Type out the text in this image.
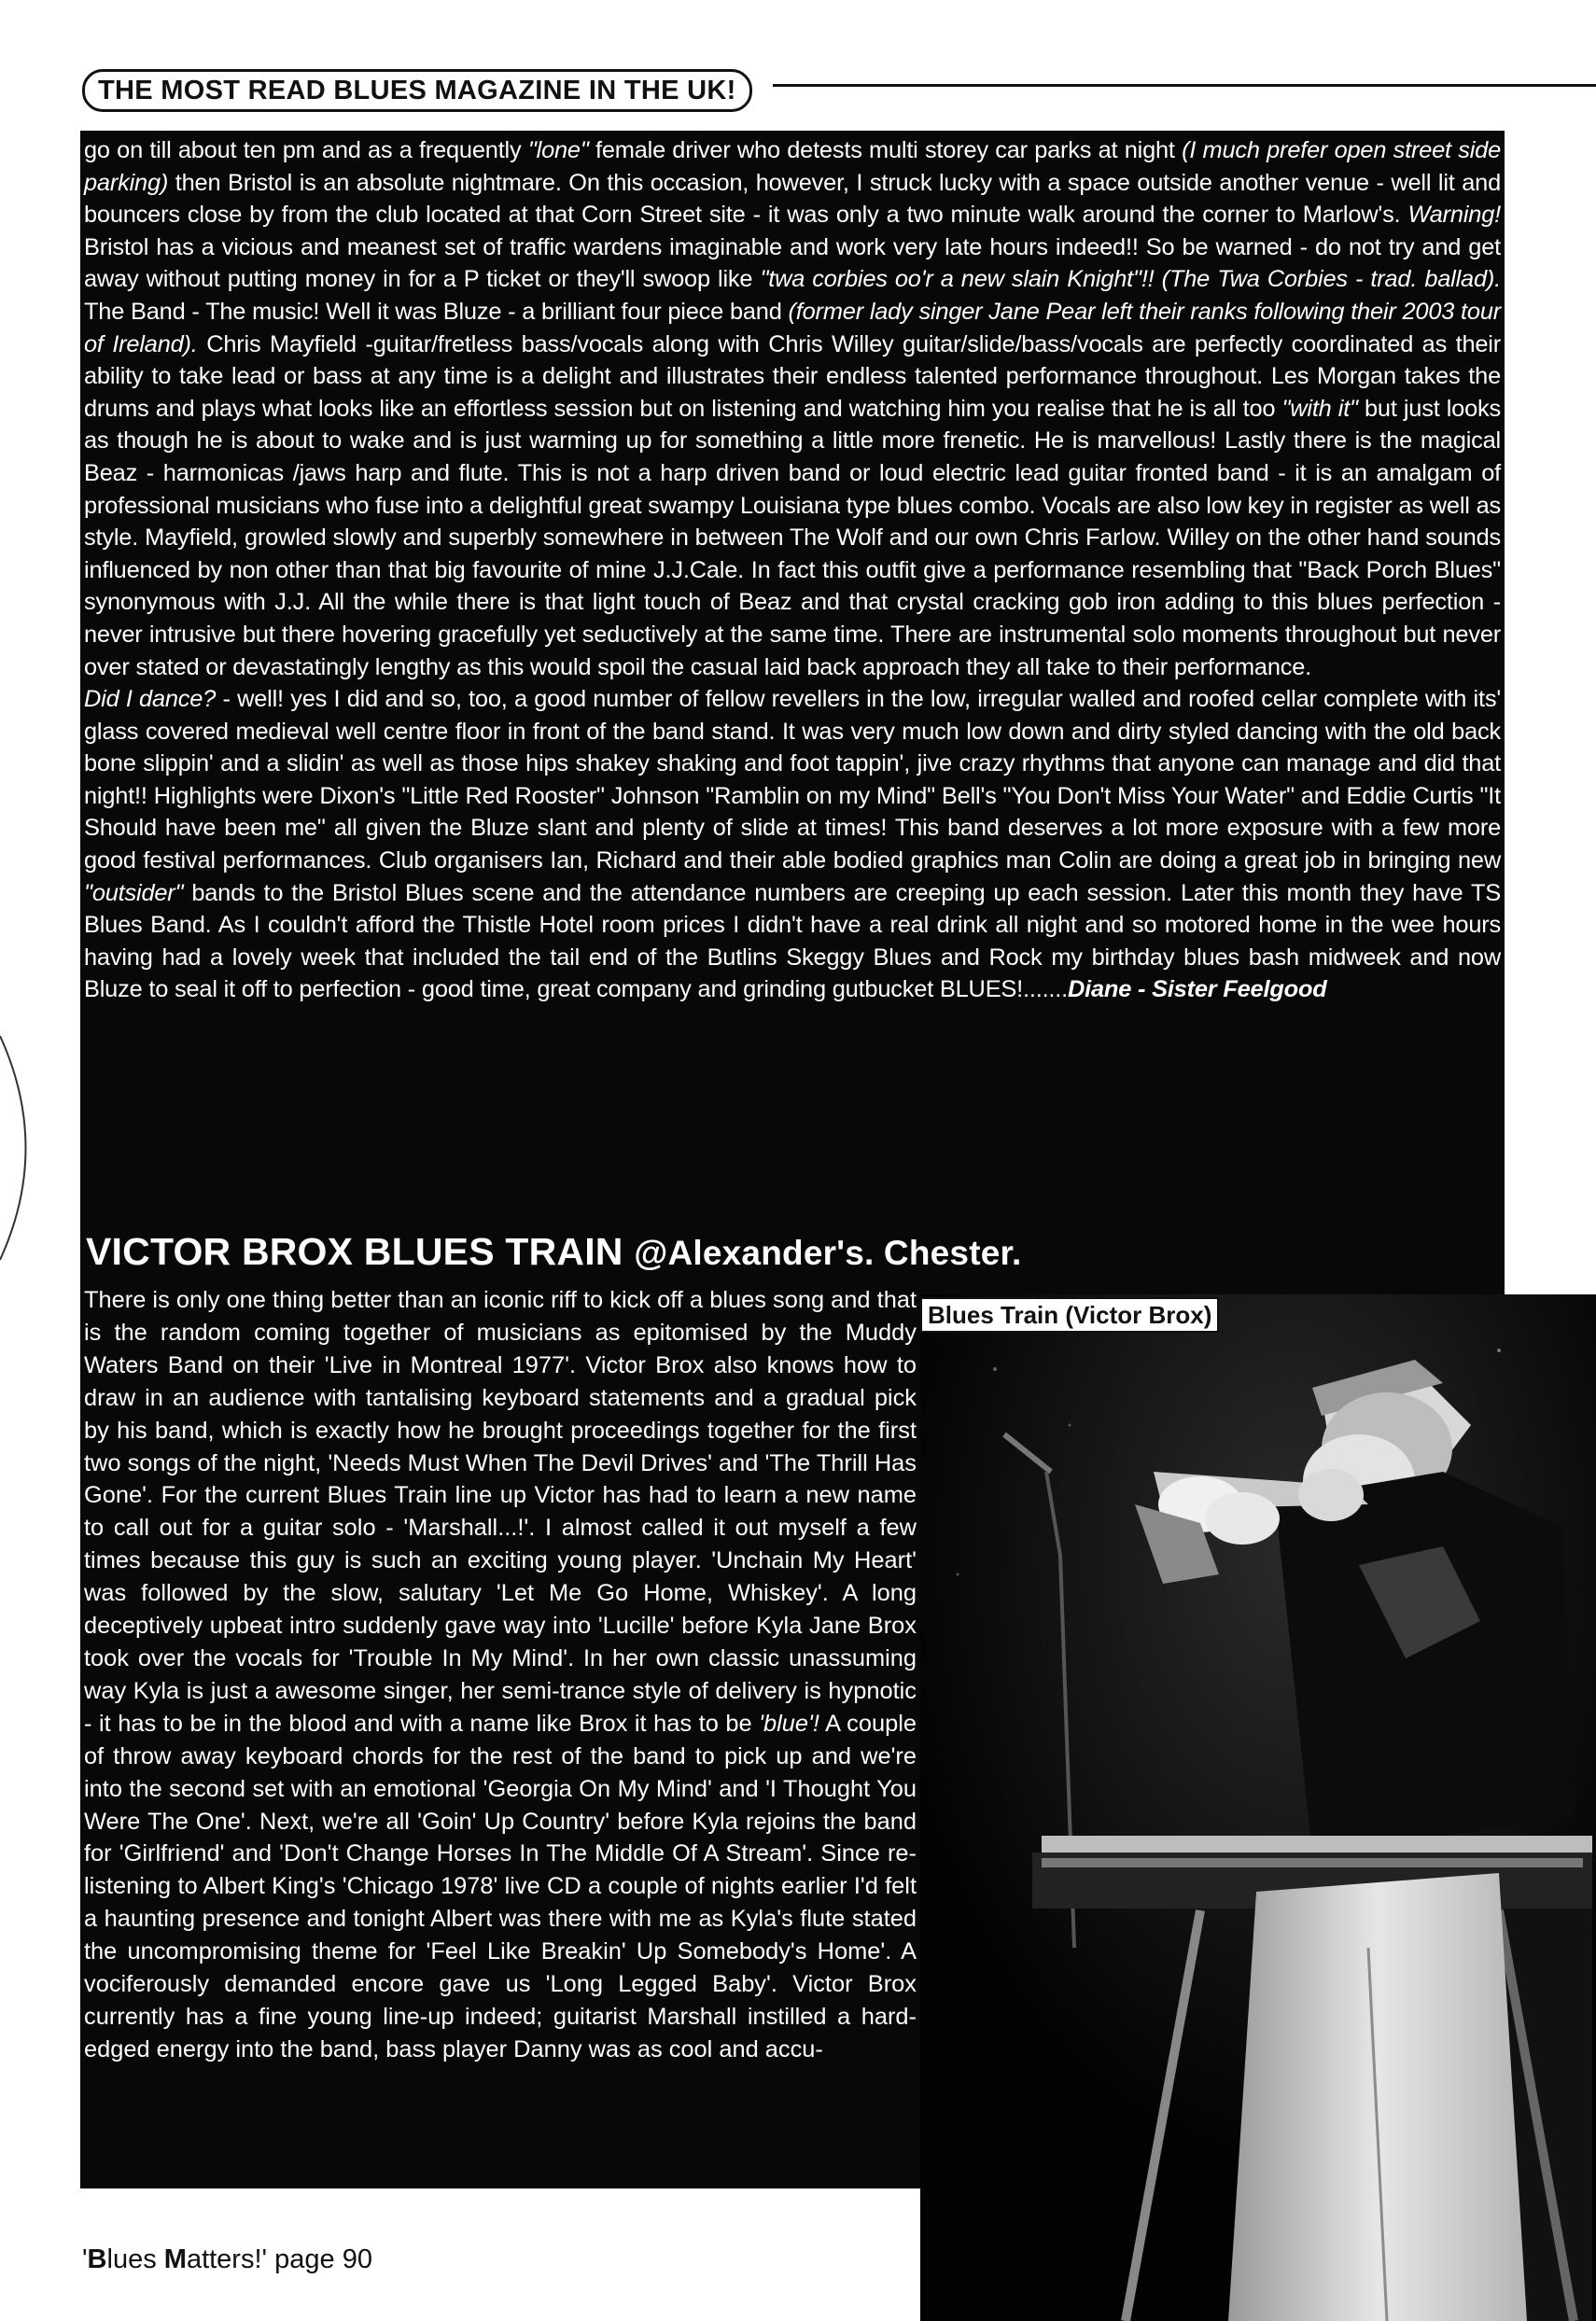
THE MOST READ BLUES MAGAZINE IN THE UK!

go on till about ten pm and as a frequently "lone" female driver who detests multi storey car parks at night (I much prefer open street side parking) then Bristol is an absolute nightmare. On this occasion, however, I struck lucky with a space outside another venue - well lit and bouncers close by from the club located at that Corn Street site - it was only a two minute walk around the corner to Marlow's. Warning! Bristol has a vicious and meanest set of traffic wardens imaginable and work very late hours indeed!! So be warned - do not try and get away without putting money in for a P ticket or they'll swoop like "twa corbies oo'r a new slain Knight"!! (The Twa Corbies - trad. ballad). The Band - The music! Well it was Bluze - a brilliant four piece band (former lady singer Jane Pear left their ranks following their 2003 tour of Ireland). Chris Mayfield -guitar/fretless bass/vocals along with Chris Willey guitar/slide/bass/vocals are perfectly coordinated as their ability to take lead or bass at any time is a delight and illustrates their endless talented performance throughout. Les Morgan takes the drums and plays what looks like an effortless session but on listening and watching him you realise that he is all too "with it" but just looks as though he is about to wake and is just warming up for something a little more frenetic. He is marvellous! Lastly there is the magical Beaz - harmonicas /jaws harp and flute. This is not a harp driven band or loud electric lead guitar fronted band - it is an amalgam of professional musicians who fuse into a delightful great swampy Louisiana type blues combo. Vocals are also low key in register as well as style. Mayfield, growled slowly and superbly somewhere in between The Wolf and our own Chris Farlow. Willey on the other hand sounds influenced by non other than that big favourite of mine J.J.Cale. In fact this outfit give a performance resembling that "Back Porch Blues" synonymous with J.J. All the while there is that light touch of Beaz and that crystal cracking gob iron adding to this blues perfection - never intrusive but there hovering gracefully yet seductively at the same time. There are instrumental solo moments throughout but never over stated or devastatingly lengthy as this would spoil the casual laid back approach they all take to their performance.

Did I dance? - well! yes I did and so, too, a good number of fellow revellers in the low, irregular walled and roofed cellar complete with its' glass covered medieval well centre floor in front of the band stand. It was very much low down and dirty styled dancing with the old back bone slippin' and a slidin' as well as those hips shakey shaking and foot tappin', jive crazy rhythms that anyone can manage and did that night!! Highlights were Dixon's "Little Red Rooster" Johnson "Ramblin on my Mind" Bell's "You Don't Miss Your Water" and Eddie Curtis "It Should have been me" all given the Bluze slant and plenty of slide at times! This band deserves a lot more exposure with a few more good festival performances. Club organisers Ian, Richard and their able bodied graphics man Colin are doing a great job in bringing new "outsider" bands to the Bristol Blues scene and the attendance numbers are creeping up each session. Later this month they have TS Blues Band. As I couldn't afford the Thistle Hotel room prices I didn't have a real drink all night and so motored home in the wee hours having had a lovely week that included the tail end of the Butlins Skeggy Blues and Rock my birthday blues bash midweek and now Bluze to seal it off to perfection - good time, great company and grinding gutbucket BLUES!.......Diane - Sister Feelgood

VICTOR BROX BLUES TRAIN @Alexander's. Chester.
There is only one thing better than an iconic riff to kick off a blues song and that is the random coming together of musicians as epitomised by the Muddy Waters Band on their 'Live in Montreal 1977'. Victor Brox also knows how to draw in an audience with tantalising keyboard statements and a gradual pick by his band, which is exactly how he brought proceedings together for the first two songs of the night, 'Needs Must When The Devil Drives' and 'The Thrill Has Gone'. For the current Blues Train line up Victor has had to learn a new name to call out for a guitar solo - 'Marshall...!'. I almost called it out myself a few times because this guy is such an exciting young player. 'Unchain My Heart' was followed by the slow, salutary 'Let Me Go Home, Whiskey'. A long deceptively upbeat intro suddenly gave way into 'Lucille' before Kyla Jane Brox took over the vocals for 'Trouble In My Mind'. In her own classic unassuming way Kyla is just a awesome singer, her semi-trance style of delivery is hypnotic - it has to be in the blood and with a name like Brox it has to be 'blue'! A couple of throw away keyboard chords for the rest of the band to pick up and we're into the second set with an emotional 'Georgia On My Mind' and 'I Thought You Were The One'. Next, we're all 'Goin' Up Country' before Kyla rejoins the band for 'Girlfriend' and 'Don't Change Horses In The Middle Of A Stream'. Since re-listening to Albert King's 'Chicago 1978' live CD a couple of nights earlier I'd felt a haunting presence and tonight Albert was there with me as Kyla's flute stated the uncompromising theme for 'Feel Like Breakin' Up Somebody's Home'. A vociferously demanded encore gave us 'Long Legged Baby'. Victor Brox currently has a fine young line-up indeed; guitarist Marshall instilled a hard-edged energy into the band, bass player Danny was as cool and accu-
Blues Train (Victor Brox)
'Blues Matters!' page 90
